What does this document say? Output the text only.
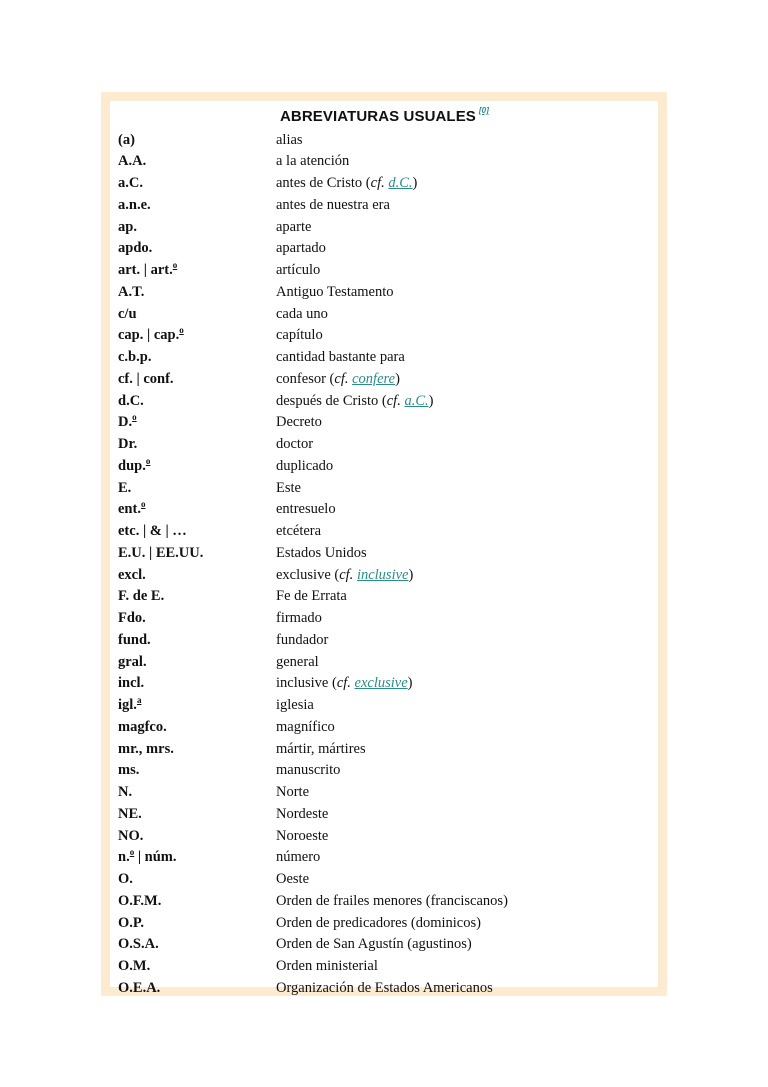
ABREVIATURAS USUALES [0]
(a)	alias
A.A.	a la atención
a.C.	antes de Cristo (cf. d.C.)
a.n.e.	antes de nuestra era
ap.	aparte
apdo.	apartado
art. | art.$^o$	artículo
A.T.	Antiguo Testamento
c/u	cada uno
cap. | cap.$^o$	capítulo
c.b.p.	cantidad bastante para
cf. | conf.	confesor (cf. confere)
d.C.	después de Cristo (cf. a.C.)
D.$^o$	Decreto
Dr.	doctor
dup.$^o$	duplicado
E.	Este
ent.$^o$	entresuelo
etc. | & | …	etcétera
E.U. | EE.UU.	Estados Unidos
excl.	exclusive (cf. inclusive)
F. de E.	Fe de Errata
Fdo.	firmado
fund.	fundador
gral.	general
incl.	inclusive (cf. exclusive)
igl.$^a$	iglesia
magfco.	magnífico
mr., mrs.	mártir, mártires
ms.	manuscrito
N.	Norte
NE.	Nordeste
NO.	Noroeste
n.$^o$ | núm.	número
O.	Oeste
O.F.M.	Orden de frailes menores (franciscanos)
O.P.	Orden de predicadores (dominicos)
O.S.A.	Orden de San Agustín (agustinos)
O.M.	Orden ministerial
O.E.A.	Organización de Estados Americanos
